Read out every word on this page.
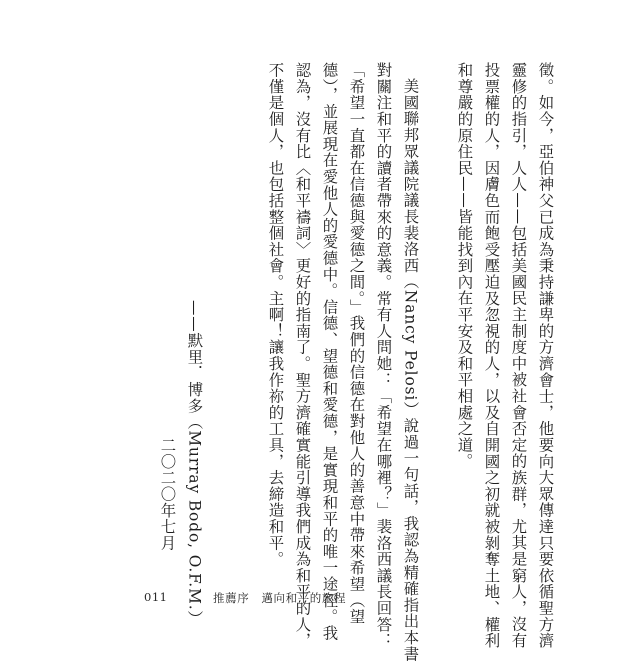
徵。如今，亞伯神父已成為秉持謙卑的方濟會士，他要向大眾傳達只要依循聖方濟
靈修的指引，人人——包括美國民主制度中被社會否定的族群，尤其是窮人，沒有
投票權的人，因膚色而飽受壓迫及忽視的人，以及自開國之初就被剝奪土地、權利
和尊嚴的原住民——皆能找到內在平安及和平相處之道。
美國聯邦眾議院議長裴洛西（Nancy Pelosi）說過一句話，我認為精確指出本書
對關注和平的讀者帶來的意義。常有人問她：「希望在哪裡？」裴洛西議長回答：
「希望一直都在信德與愛德之間。」我們的信德在對他人的善意中帶來希望（望
德），並展現在愛他人的愛德中。信德、望德和愛德，是實現和平的唯一途徑。我
認為，沒有比〈和平禱詞〉更好的指南了。聖方濟確實能引導我們成為和平的人，
不僅是個人，也包括整個社會。主啊！讓我作祢的工具，去締造和平。
——默里．博多（Murray Bodo, O.F.M.）
二〇二〇年七月
011	推薦序　邁向和平的旅程
